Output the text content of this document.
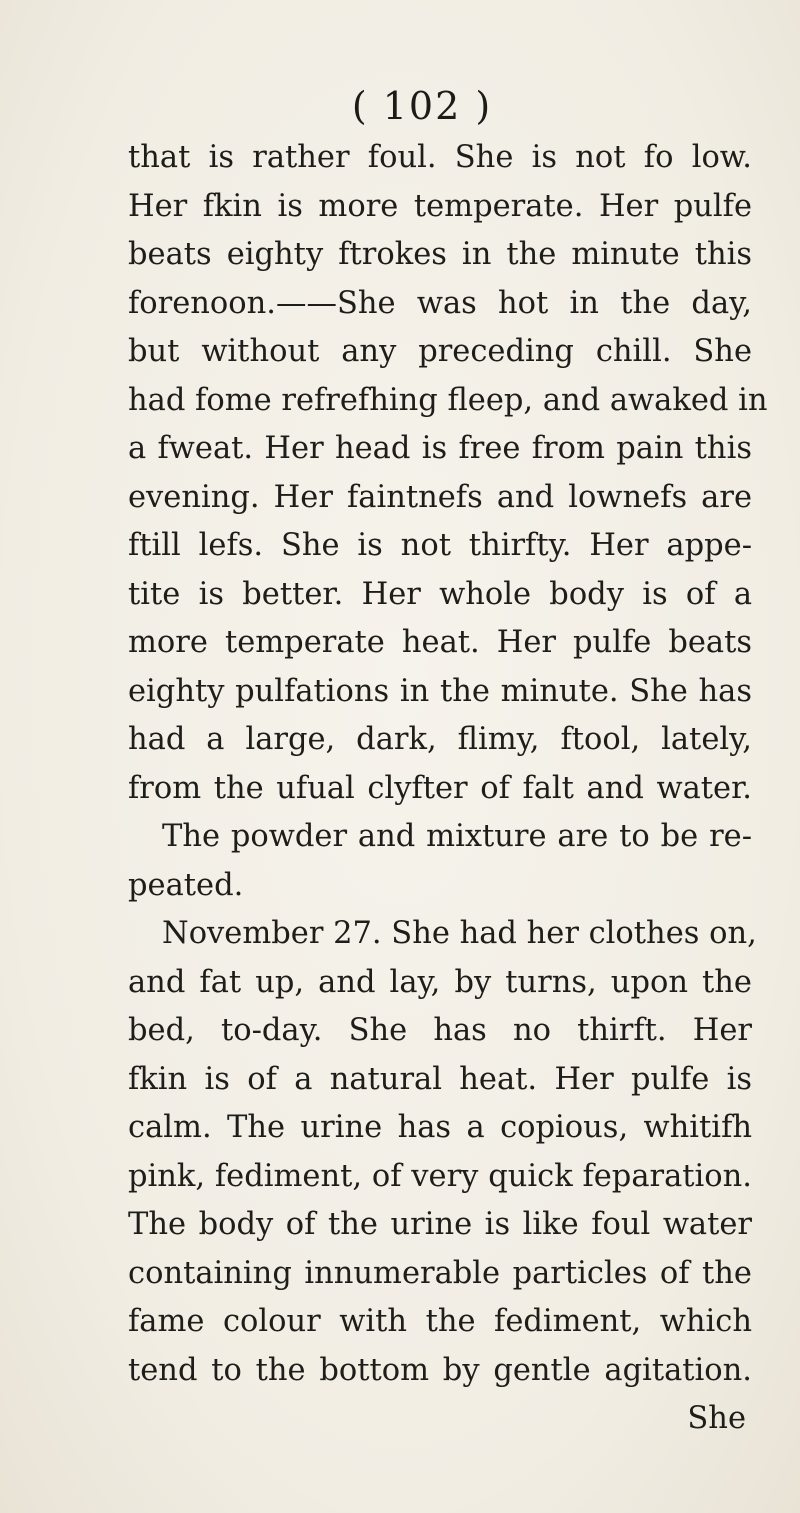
( 102 )
that is rather foul. She is not fo low.
Her fkin is more temperate. Her pulfe
beats eighty ftrokes in the minute this
forenoon.——She was hot in the day,
but without any preceding chill. She
had fome refrefhing fleep, and awaked in
a fweat. Her head is free from pain this
evening. Her faintnefs and lownefs are
ftill lefs. She is not thirfty. Her appe-
tite is better. Her whole body is of a
more temperate heat. Her pulfe beats
eighty pulfations in the minute. She has
had a large, dark, flimy, ftool, lately,
from the ufual clyfter of falt and water.
The powder and mixture are to be re-
peated.
November 27. She had her clothes on,
and fat up, and lay, by turns, upon the
bed, to-day. She has no thirft. Her
fkin is of a natural heat. Her pulfe is
calm. The urine has a copious, whitifh
pink, fediment, of very quick feparation.
The body of the urine is like foul water
containing innumerable particles of the
fame colour with the fediment, which
tend to the bottom by gentle agitation.
She
